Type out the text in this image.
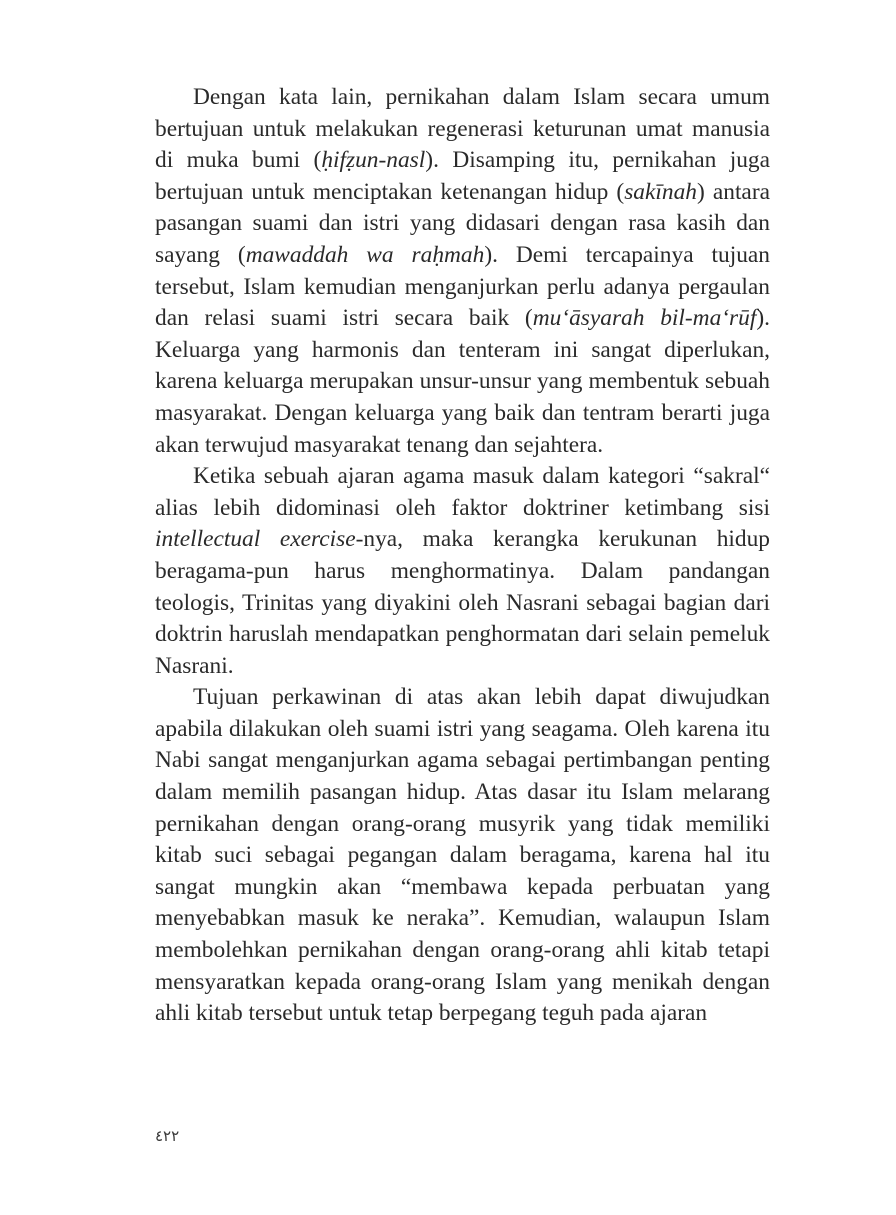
Dengan kata lain, pernikahan dalam Islam secara umum bertujuan untuk melakukan regenerasi keturunan umat manusia di muka bumi (ḥifẓun-nasl). Disamping itu, pernikahan juga bertujuan untuk menciptakan ketenangan hidup (sakīnah) antara pasangan suami dan istri yang didasari dengan rasa kasih dan sayang (mawaddah wa raḥmah). Demi tercapainya tujuan tersebut, Islam kemudian menganjurkan perlu adanya pergaulan dan relasi suami istri secara baik (mu‘āsyarah bil-ma‘rūf). Keluarga yang harmonis dan tenteram ini sangat diperlukan, karena keluarga merupakan unsur-unsur yang membentuk sebuah masyarakat. Dengan keluarga yang baik dan tentram berarti juga akan terwujud masyarakat tenang dan sejahtera.

Ketika sebuah ajaran agama masuk dalam kategori “sakral“ alias lebih didominasi oleh faktor doktriner ketimbang sisi intellectual exercise-nya, maka kerangka kerukunan hidup beragama-pun harus menghormatinya. Dalam pandangan teologis, Trinitas yang diyakini oleh Nasrani sebagai bagian dari doktrin haruslah mendapatkan penghormatan dari selain pemeluk Nasrani.

Tujuan perkawinan di atas akan lebih dapat diwujudkan apabila dilakukan oleh suami istri yang seagama. Oleh karena itu Nabi sangat menganjurkan agama sebagai pertimbangan penting dalam memilih pasangan hidup. Atas dasar itu Islam melarang pernikahan dengan orang-orang musyrik yang tidak memiliki kitab suci sebagai pegangan dalam beragama, karena hal itu sangat mungkin akan “membawa kepada perbuatan yang menyebabkan masuk ke neraka”. Kemudian, walaupun Islam membolehkan pernikahan dengan orang-orang ahli kitab tetapi mensyaratkan kepada orang-orang Islam yang menikah dengan ahli kitab tersebut untuk tetap berpegang teguh pada ajaran

٢٢٤
